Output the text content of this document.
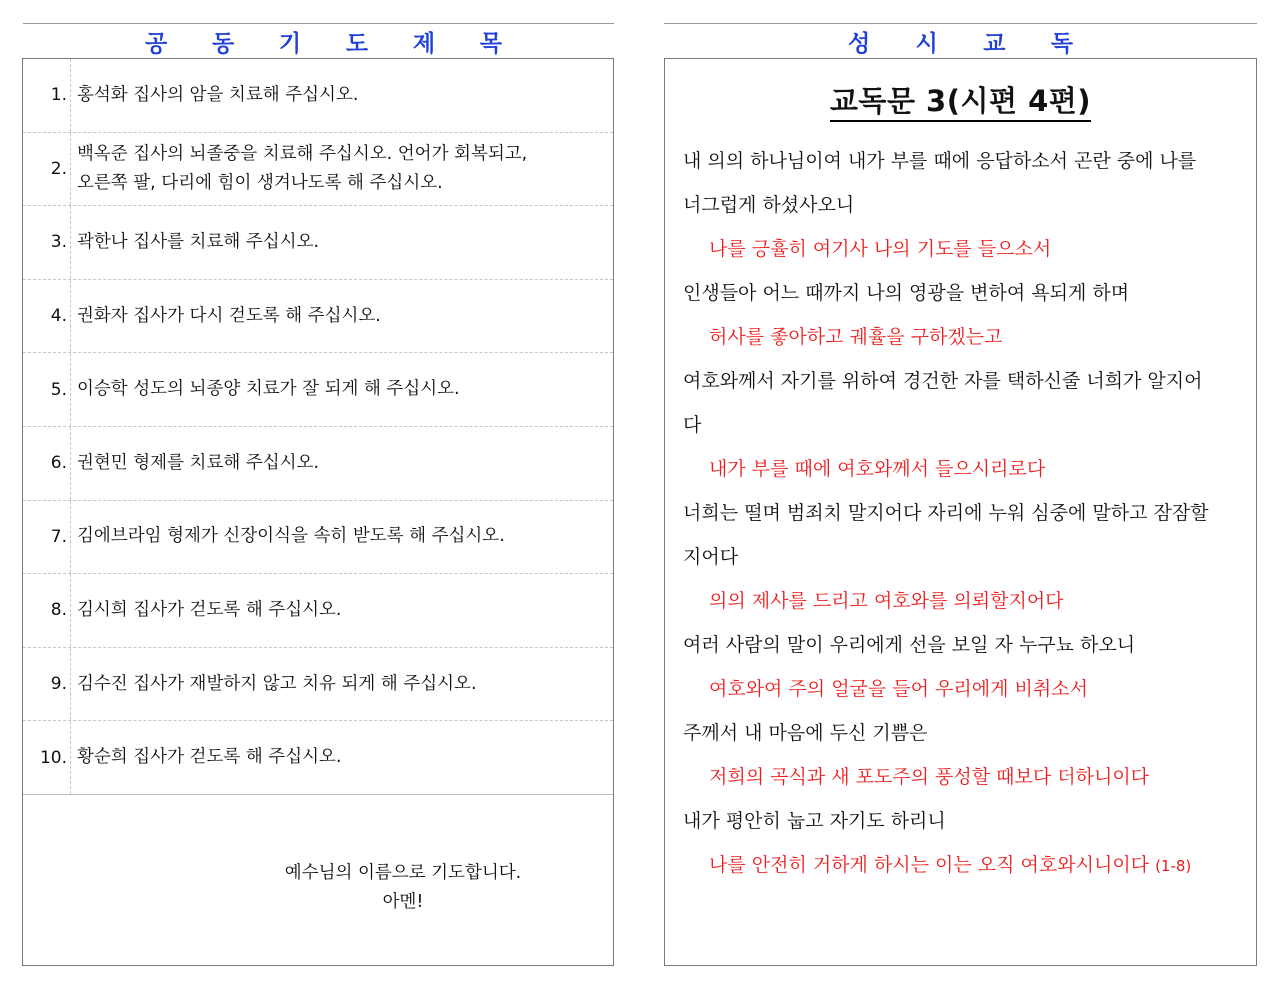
공 동 기 도 제 목	성 시 교 독
1. 홍석화 집사의 암을 치료해 주십시오.
2.
백옥준 집사의 뇌졸중을 치료해 주십시오. 언어가 회복되고,
오른쪽 팔, 다리에 힘이 생겨나도록 해 주십시오.
3. 곽한나 집사를 치료해 주십시오.
4. 권화자 집사가 다시 걷도록 해 주십시오.
5. 이승학 성도의 뇌종양 치료가 잘 되게 해 주십시오.
6. 권현민 형제를 치료해 주십시오.
7. 김에브라임 형제가 신장이식을 속히 받도록 해 주십시오.
8. 김시희 집사가 걷도록 해 주십시오.
9. 김수진 집사가 재발하지 않고 치유 되게 해 주십시오.
10. 황순희 집사가 걷도록 해 주십시오.
예수님의 이름으로 기도합니다.
아멘!
교독문 3(시편 4편)
내 의의 하나님이여 내가 부를 때에 응답하소서 곤란 중에 나를
너그럽게 하셨사오니
나를 긍휼히 여기사 나의 기도를 들으소서
인생들아 어느 때까지 나의 영광을 변하여 욕되게 하며
허사를 좋아하고 궤휼을 구하겠는고
여호와께서 자기를 위하여 경건한 자를 택하신줄 너희가 알지어
다
내가 부를 때에 여호와께서 들으시리로다
너희는 떨며 범죄치 말지어다 자리에 누워 심중에 말하고 잠잠할
지어다
의의 제사를 드리고 여호와를 의뢰할지어다
여러 사람의 말이 우리에게 선을 보일 자 누구뇨 하오니
여호와여 주의 얼굴을 들어 우리에게 비취소서
주께서 내 마음에 두신 기쁨은
저희의 곡식과 새 포도주의 풍성할 때보다 더하니이다
내가 평안히 눕고 자기도 하리니
나를 안전히 거하게 하시는 이는 오직 여호와시니이다 (1-8)
